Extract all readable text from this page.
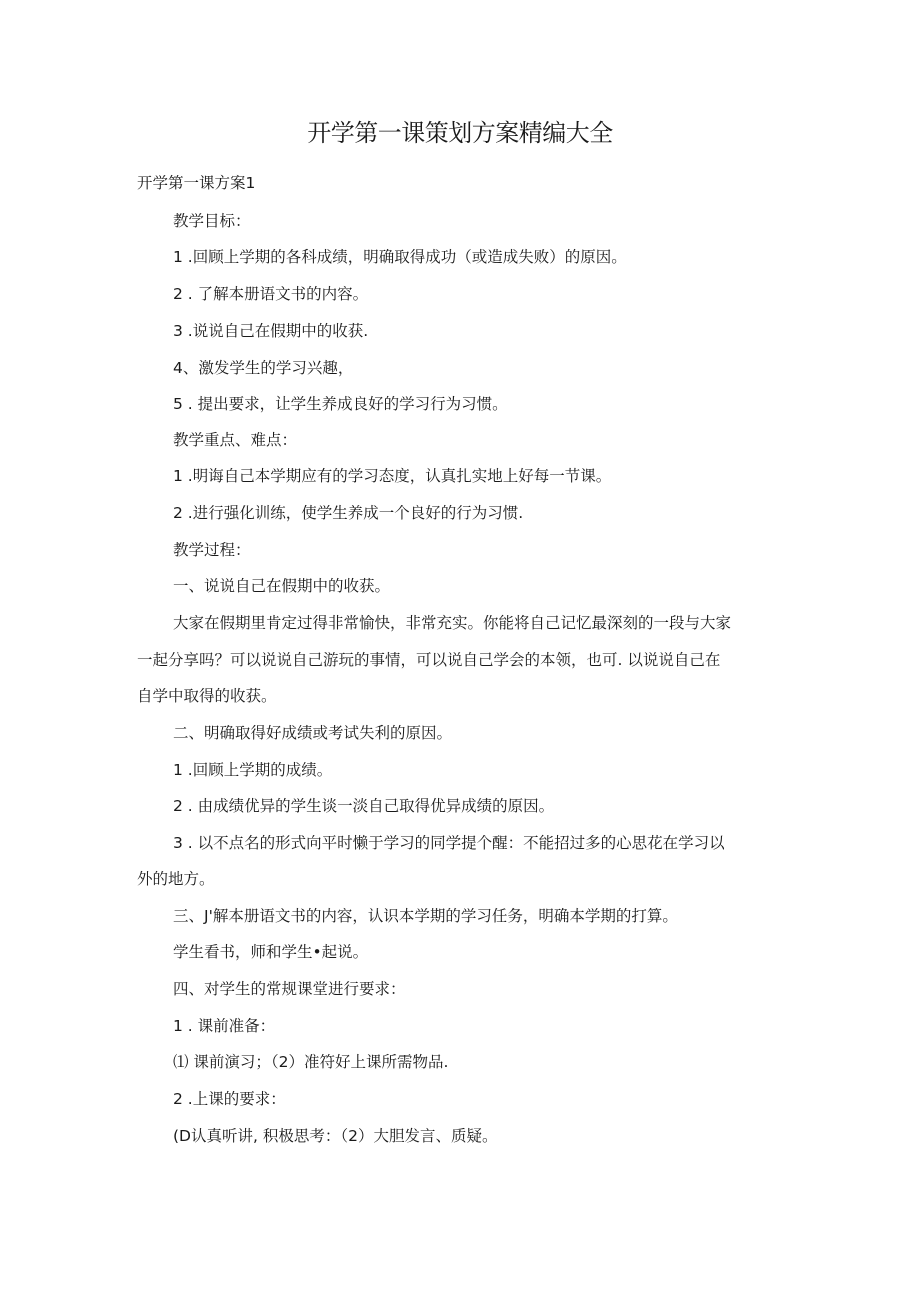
开学第一课策划方案精编大全
开学第一课方案1
教学目标：
1 .回顾上学期的各科成绩，明确取得成功（或造成失败）的原因。
2 . 了解本册语文书的内容。
3 .说说自己在假期中的收获.
4、激发学生的学习兴趣，
5 . 提出要求，让学生养成良好的学习行为习惯。
教学重点、难点：
1 .明诲自己本学期应有的学习态度，认真扎实地上好每一节课。
2 .进行强化训练，使学生养成一个良好的行为习惯.
教学过程：
一、说说自己在假期中的收获。
大家在假期里肯定过得非常愉快，非常充实。你能将自己记忆最深刻的一段与大家
一起分享吗？可以说说自己游玩的事情，可以说自己学会的本领，也可. 以说说自己在
自学中取得的收获。
二、明确取得好成绩或考试失利的原因。
1 .回顾上学期的成绩。
2 . 由成绩优异的学生谈一淡自己取得优异成绩的原因。
3 . 以不点名的形式向平时懒于学习的同学提个醒：不能招过多的心思花在学习以
外的地方。
三、J'解本册语文书的内容，认识本学期的学习任务，明确本学期的打算。
学生看书，师和学生•起说。
四、对学生的常规课堂进行要求：
1 . 课前准备：
⑴ 课前演习；（2）准符好上课所需物品.
2 .上课的要求：
(D认真听讲, 积极思考：（2）大胆发言、质疑。
